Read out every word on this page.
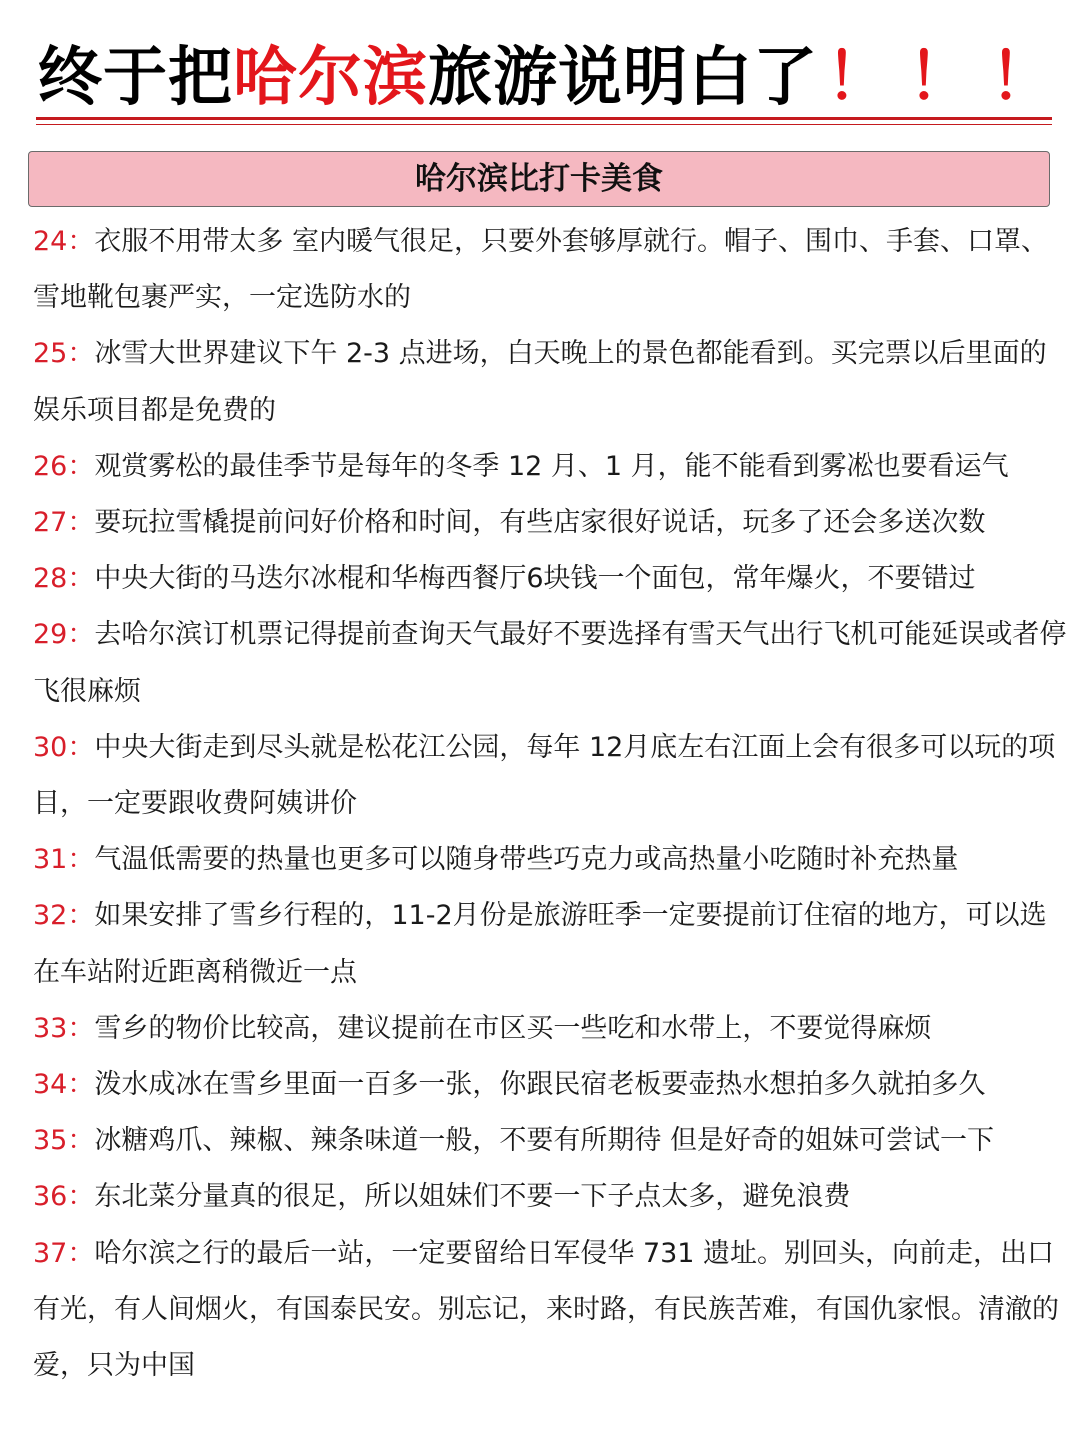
终于把哈尔滨旅游说明白了 ！！！
哈尔滨比打卡美食
24：衣服不用带太多 室内暖气很足，只要外套够厚就行。帽子、围巾、手套、口罩、雪地靴包裹严实，一定选防水的
25：冰雪大世界建议下午 2-3 点进场，白天晚上的景色都能看到。买完票以后里面的娱乐项目都是免费的
26：观赏雾松的最佳季节是每年的冬季 12 月、1 月，能不能看到雾凇也要看运气
27：要玩拉雪橇提前问好价格和时间，有些店家很好说话，玩多了还会多送次数
28：中央大街的马迭尔冰棍和华梅西餐厅6块钱一个面包，常年爆火，不要错过
29：去哈尔滨订机票记得提前查询天气最好不要选择有雪天气出行飞机可能延误或者停飞很麻烦
30：中央大街走到尽头就是松花江公园，每年 12月底左右江面上会有很多可以玩的项目，一定要跟收费阿姨讲价
31：气温低需要的热量也更多可以随身带些巧克力或高热量小吃随时补充热量
32：如果安排了雪乡行程的，11-2月份是旅游旺季一定要提前订住宿的地方，可以选在车站附近距离稍微近一点
33：雪乡的物价比较高，建议提前在市区买一些吃和水带上，不要觉得麻烦
34：泼水成冰在雪乡里面一百多一张，你跟民宿老板要壶热水想拍多久就拍多久
35：冰糖鸡爪、辣椒、辣条味道一般，不要有所期待 但是好奇的姐妹可尝试一下
36：东北菜分量真的很足，所以姐妹们不要一下子点太多，避免浪费
37：哈尔滨之行的最后一站，一定要留给日军侵华 731 遗址。别回头，向前走，出口有光，有人间烟火，有国泰民安。别忘记，来时路，有民族苦难，有国仇家恨。清澈的爱，只为中国
